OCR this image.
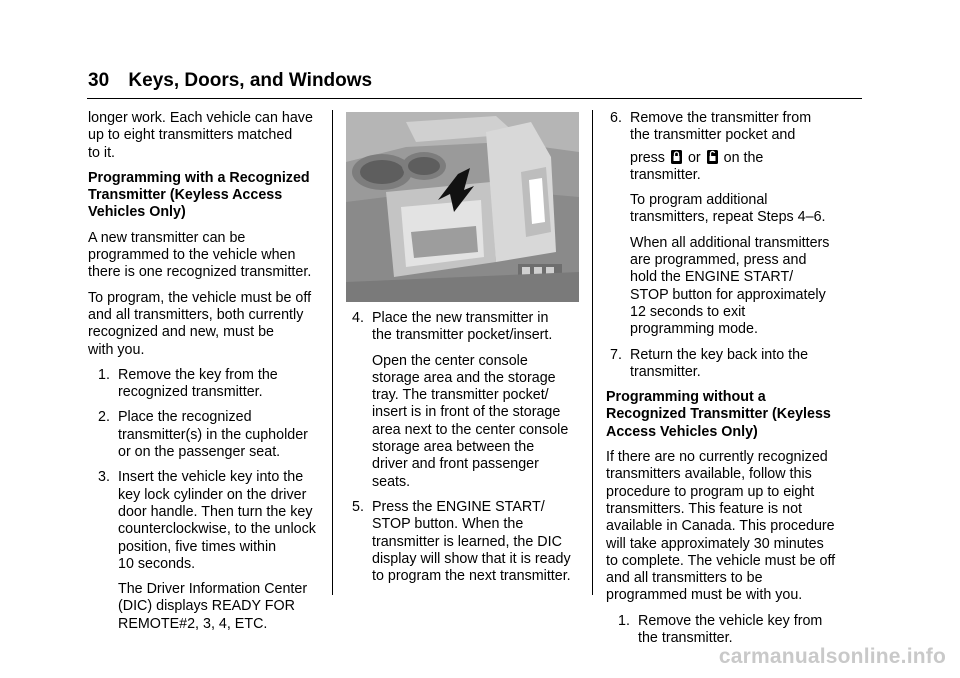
30 Keys, Doors, and Windows

longer work. Each vehicle can have
up to eight transmitters matched
to it.

Programming with a Recognized
Transmitter (Keyless Access
Vehicles Only)

A new transmitter can be
programmed to the vehicle when
there is one recognized transmitter.

To program, the vehicle must be off
and all transmitters, both currently
recognized and new, must be
with you.

1. Remove the key from the
recognized transmitter.
2. Place the recognized
transmitter(s) in the cupholder
or on the passenger seat.
3. Insert the vehicle key into the
key lock cylinder on the driver
door handle. Then turn the key
counterclockwise, to the unlock
position, five times within
10 seconds.

The Driver Information Center
(DIC) displays READY FOR
REMOTE#2, 3, 4, ETC.

4. Place the new transmitter in
the transmitter pocket/insert.

Open the center console
storage area and the storage
tray. The transmitter pocket/
insert is in front of the storage
area next to the center console
storage area between the
driver and front passenger
seats.

5. Press the ENGINE START/
STOP button. When the
transmitter is learned, the DIC
display will show that it is ready
to program the next transmitter.
6. Remove the transmitter from
the transmitter pocket and
press or on the
transmitter.

To program additional
transmitters, repeat Steps 4–6.

When all additional transmitters
are programmed, press and
hold the ENGINE START/
STOP button for approximately
12 seconds to exit
programming mode.

7. Return the key back into the
transmitter.

Programming without a
Recognized Transmitter (Keyless
Access Vehicles Only)

If there are no currently recognized
transmitters available, follow this
procedure to program up to eight
transmitters. This feature is not
available in Canada. This procedure
will take approximately 30 minutes
to complete. The vehicle must be off
and all transmitters to be
programmed must be with you.

1. Remove the vehicle key from
the transmitter.
carmanualsonline.info
